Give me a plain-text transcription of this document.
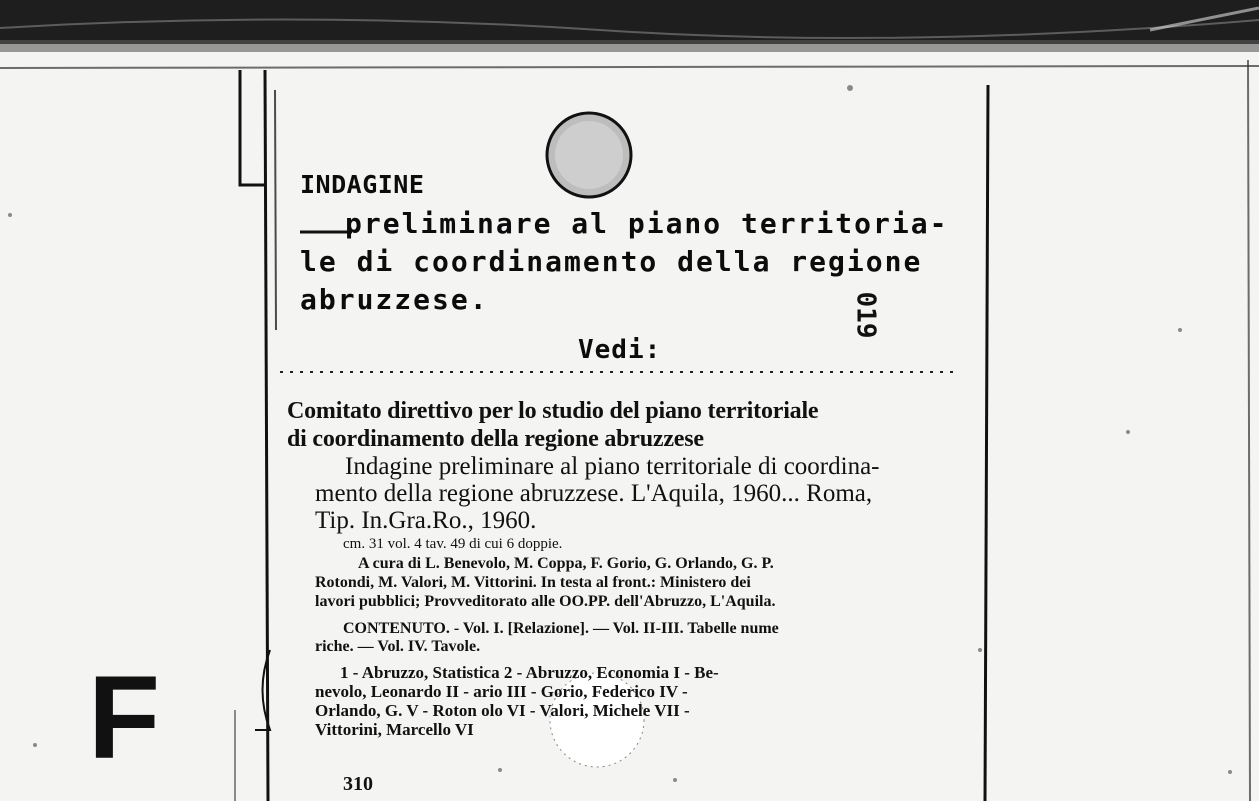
INDAGINE
preliminare al piano territoria-
le di coordinamento della regione
abruzzese.
Vedi:
019
Comitato direttivo per lo studio del piano territoriale
di coordinamento della regione abruzzese
Indagine preliminare al piano territoriale di coordina-
mento della regione abruzzese. L'Aquila, 1960... Roma,
Tip. In.Gra.Ro., 1960.
cm. 31 vol. 4 tav. 49 di cui 6 doppie.
A cura di L. Benevolo, M. Coppa, F. Gorio, G. Orlando, G. P.
Rotondi, M. Valori, M. Vittorini. In testa al front.: Ministero dei
lavori pubblici; Provveditorato alle OO.PP. dell'Abruzzo, L'Aquila.
CONTENUTO. - Vol. I. [Relazione]. — Vol. II-III. Tabelle nume
riche. — Vol. IV. Tavole.
1 - Abruzzo, Statistica 2 - Abruzzo, Economia I - Be-
nevolo, Leonardo II - ario III - Gorio, Federico IV -
Orlando, G. V - Roton olo VI - Valori, Michele VII -
Vittorini, Marcello VI
310
F
